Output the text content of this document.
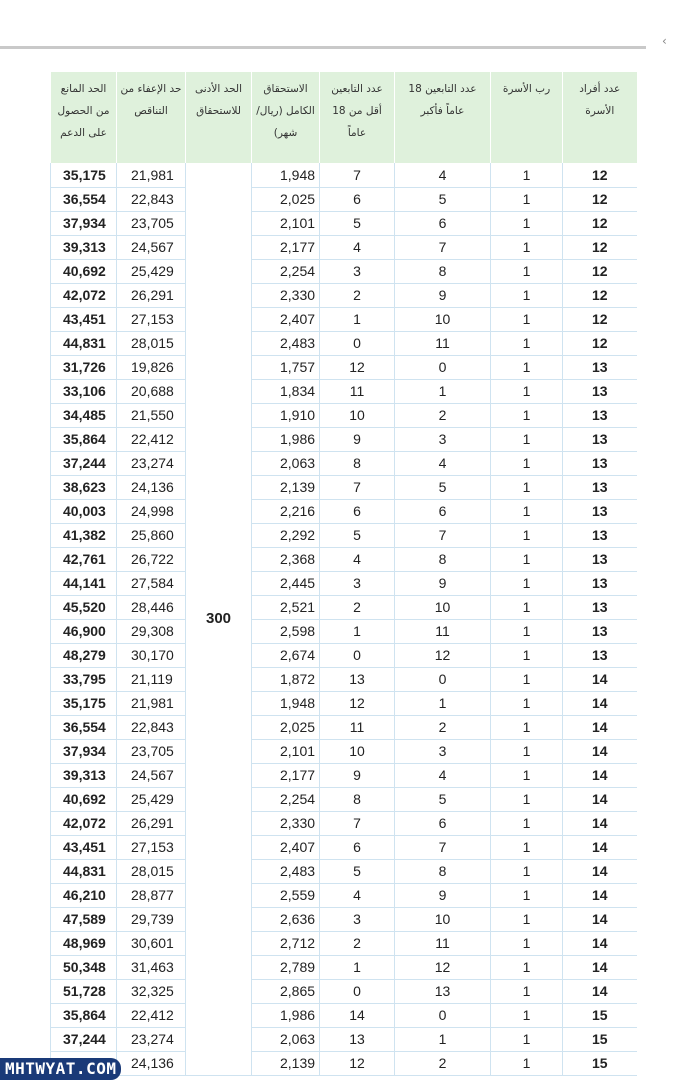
‹
عدد أفراد الأسرة	رب الأسرة	عدد التابعين 18 عاماً فأكبر	عدد التابعين أقل من 18 عاماً	الاستحقاق الكامل (ريال/شهر)	الحد الأدنى للاستحقاق	حد الإعفاء من التناقص	الحد المانع من الحصول على الدعم
12	1	4	7	1,948	300	21,981	35,175
12	1	5	6	2,025		22,843	36,554
12	1	6	5	2,101		23,705	37,934
12	1	7	4	2,177		24,567	39,313
12	1	8	3	2,254		25,429	40,692
12	1	9	2	2,330		26,291	42,072
12	1	10	1	2,407		27,153	43,451
12	1	11	0	2,483		28,015	44,831
13	1	0	12	1,757		19,826	31,726
13	1	1	11	1,834		20,688	33,106
13	1	2	10	1,910		21,550	34,485
13	1	3	9	1,986		22,412	35,864
13	1	4	8	2,063		23,274	37,244
13	1	5	7	2,139		24,136	38,623
13	1	6	6	2,216		24,998	40,003
13	1	7	5	2,292		25,860	41,382
13	1	8	4	2,368		26,722	42,761
13	1	9	3	2,445		27,584	44,141
13	1	10	2	2,521		28,446	45,520
13	1	11	1	2,598		29,308	46,900
13	1	12	0	2,674		30,170	48,279
14	1	0	13	1,872		21,119	33,795
14	1	1	12	1,948		21,981	35,175
14	1	2	11	2,025		22,843	36,554
14	1	3	10	2,101		23,705	37,934
14	1	4	9	2,177		24,567	39,313
14	1	5	8	2,254		25,429	40,692
14	1	6	7	2,330		26,291	42,072
14	1	7	6	2,407		27,153	43,451
14	1	8	5	2,483		28,015	44,831
14	1	9	4	2,559		28,877	46,210
14	1	10	3	2,636		29,739	47,589
14	1	11	2	2,712		30,601	48,969
14	1	12	1	2,789		31,463	50,348
14	1	13	0	2,865		32,325	51,728
15	1	0	14	1,986		22,412	35,864
15	1	1	13	2,063		23,274	37,244
15	1	2	12	2,139		24,136	
MHTWYAT.COM
